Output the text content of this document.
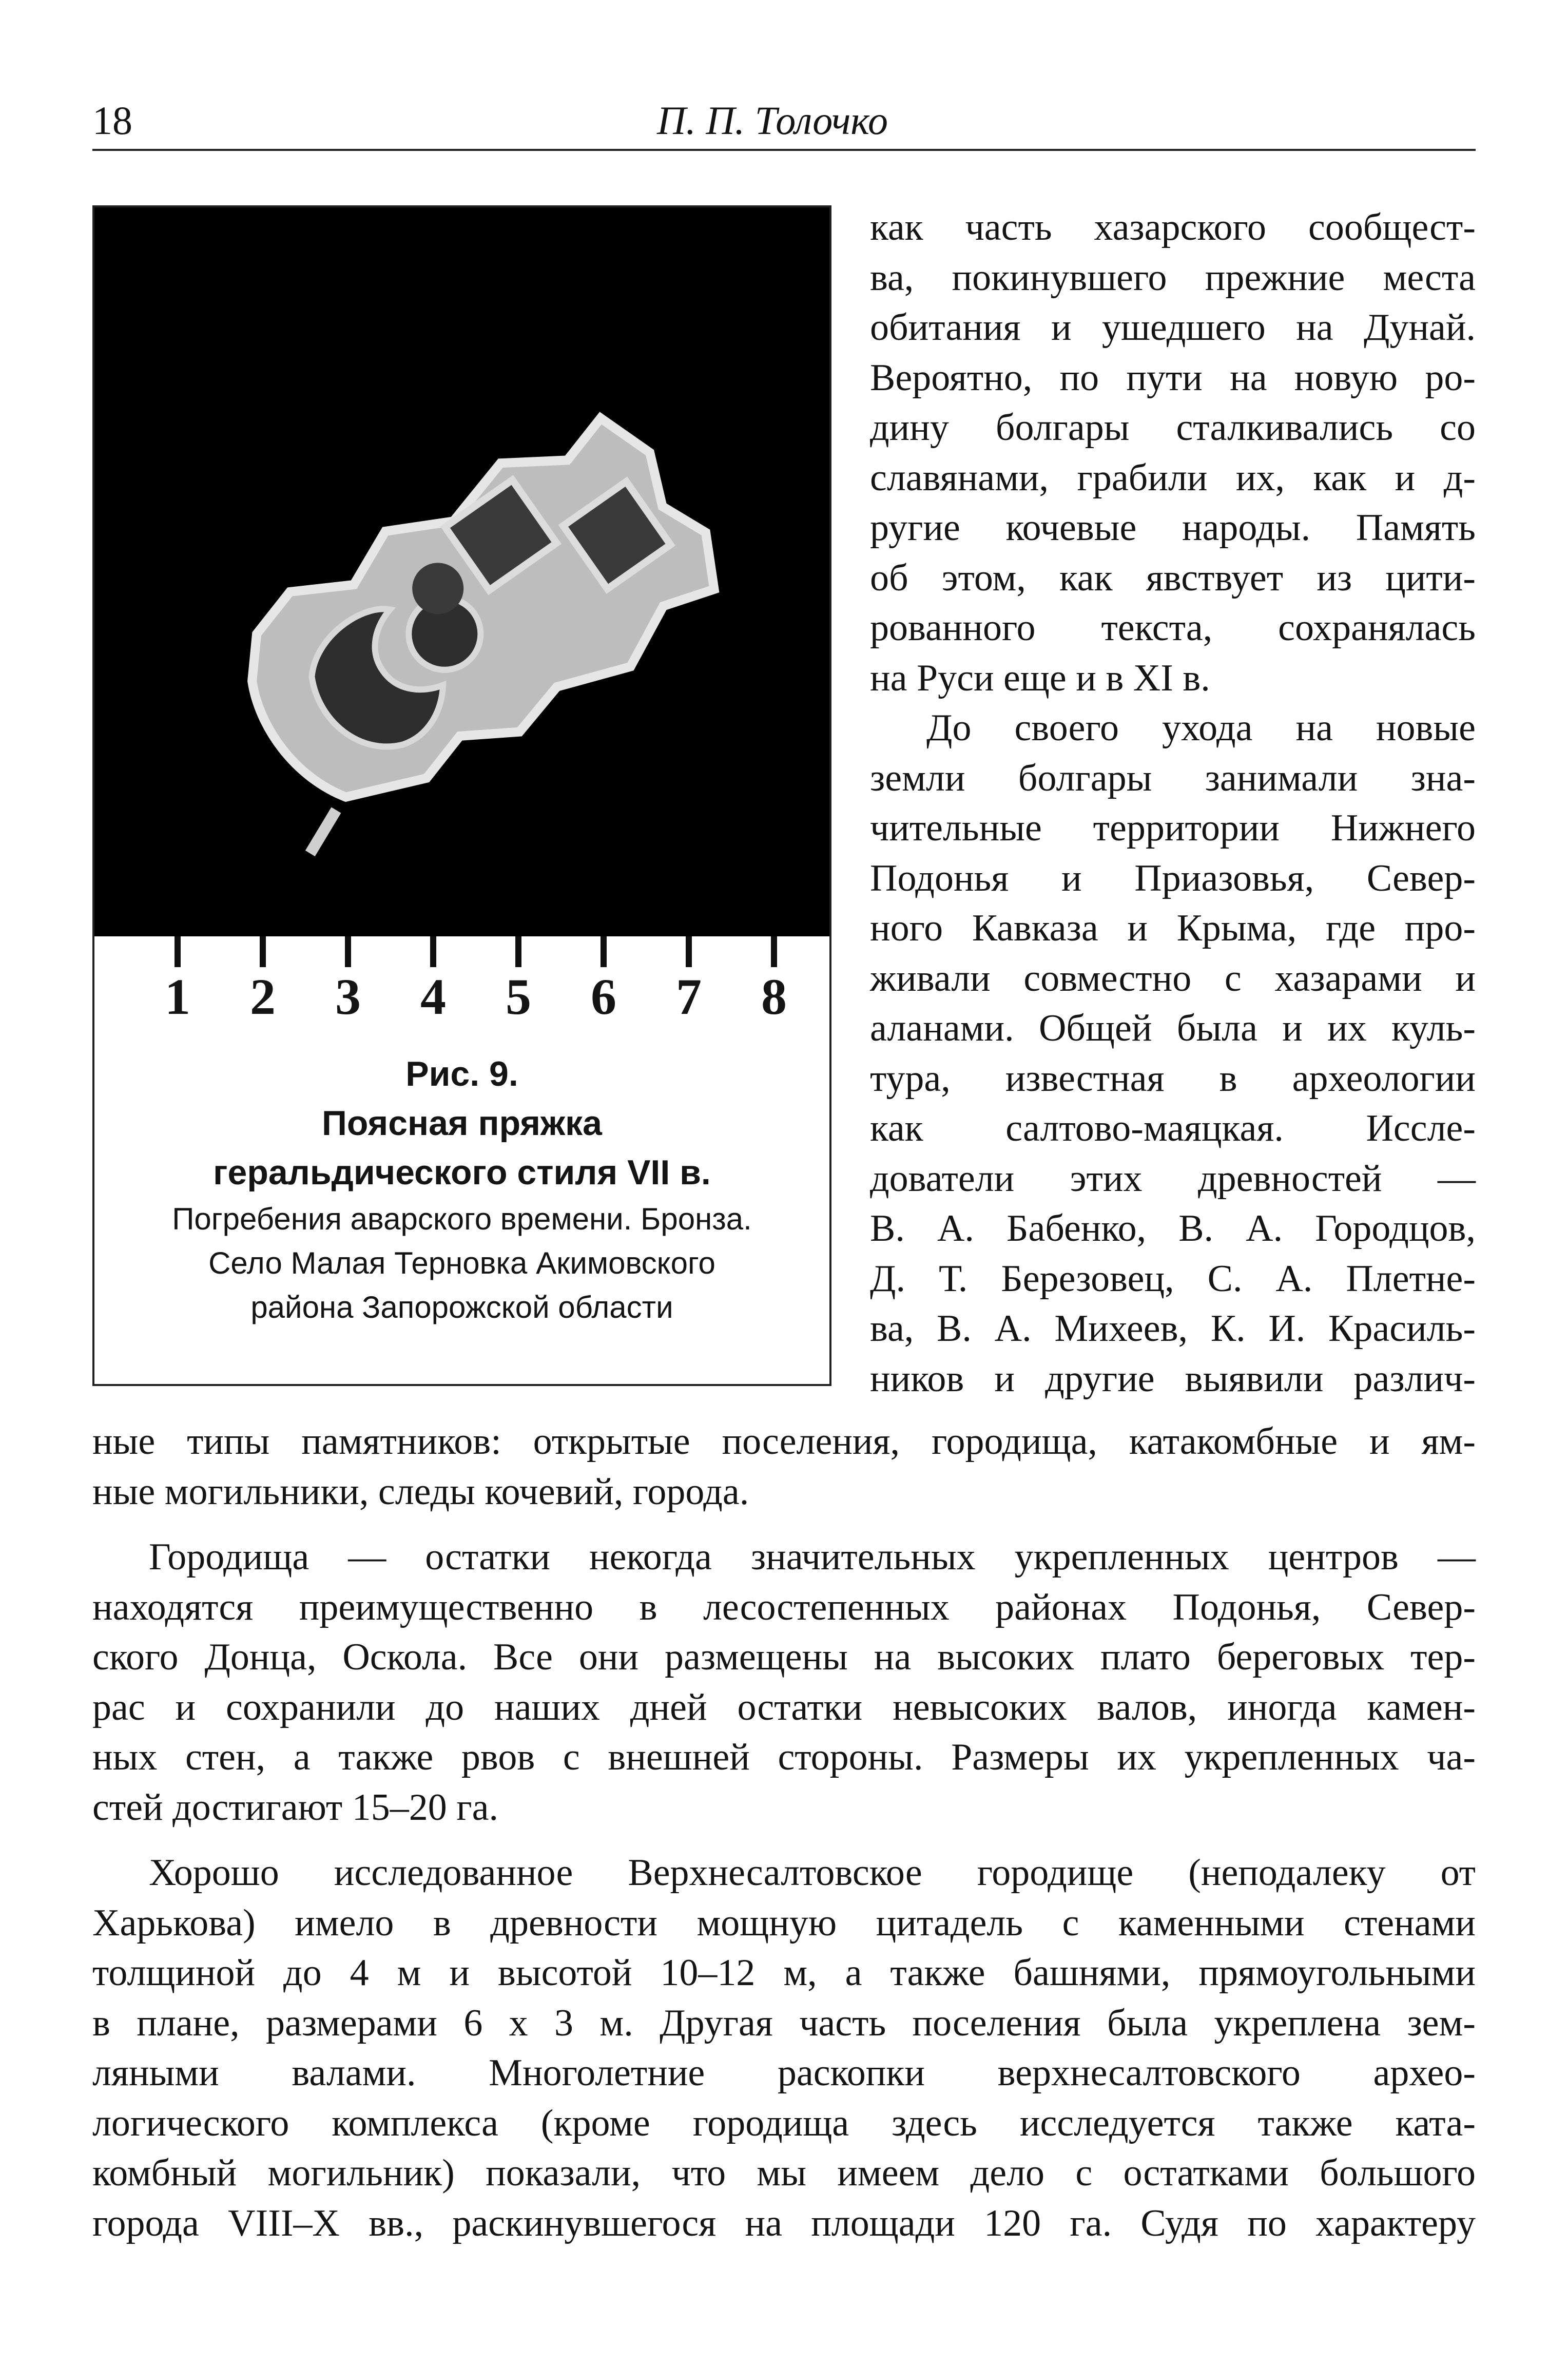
18	П. П. Толочко
1 2 3 4 5 6 7 8
Рис. 9.
Поясная пряжка
геральдического стиля VII в.
Погребения аварского времени. Бронза.
Село Малая Терновка Акимовского
района Запорожской области
как часть хазарского сообщест-
ва, покинувшего прежние места
обитания и ушедшего на Дунай.
Вероятно, по пути на новую ро-
дину болгары сталкивались со
славянами, грабили их, как и д-
ругие кочевые народы. Память
об этом, как явствует из цити-
рованного текста, сохранялась
на Руси еще и в XI в.
До своего ухода на новые
земли болгары занимали зна-
чительные территории Нижнего
Подонья и Приазовья, Север-
ного Кавказа и Крыма, где про-
живали совместно с хазарами и
аланами. Общей была и их куль-
тура, известная в археологии
как салтово-маяцкая. Иссле-
дователи этих древностей —
В. А. Бабенко, В. А. Городцов,
Д. Т. Березовец, С. А. Плетне-
ва, В. А. Михеев, К. И. Красиль-
ников и другие выявили различ-
ные типы памятников: открытые поселения, городища, катакомбные и ям-
ные могильники, следы кочевий, города.
Городища — остатки некогда значительных укрепленных центров —
находятся преимущественно в лесостепенных районах Подонья, Север-
ского Донца, Оскола. Все они размещены на высоких плато береговых тер-
рас и сохранили до наших дней остатки невысоких валов, иногда камен-
ных стен, а также рвов с внешней стороны. Размеры их укрепленных ча-
стей достигают 15–20 га.
Хорошо исследованное Верхнесалтовское городище (неподалеку от
Харькова) имело в древности мощную цитадель с каменными стенами
толщиной до 4 м и высотой 10–12 м, а также башнями, прямоугольными
в плане, размерами 6 х 3 м. Другая часть поселения была укреплена зем-
ляными валами. Многолетние раскопки верхнесалтовского архео-
логического комплекса (кроме городища здесь исследуется также ката-
комбный могильник) показали, что мы имеем дело с остатками большого
города VIII–X вв., раскинувшегося на площади 120 га. Судя по характеру
